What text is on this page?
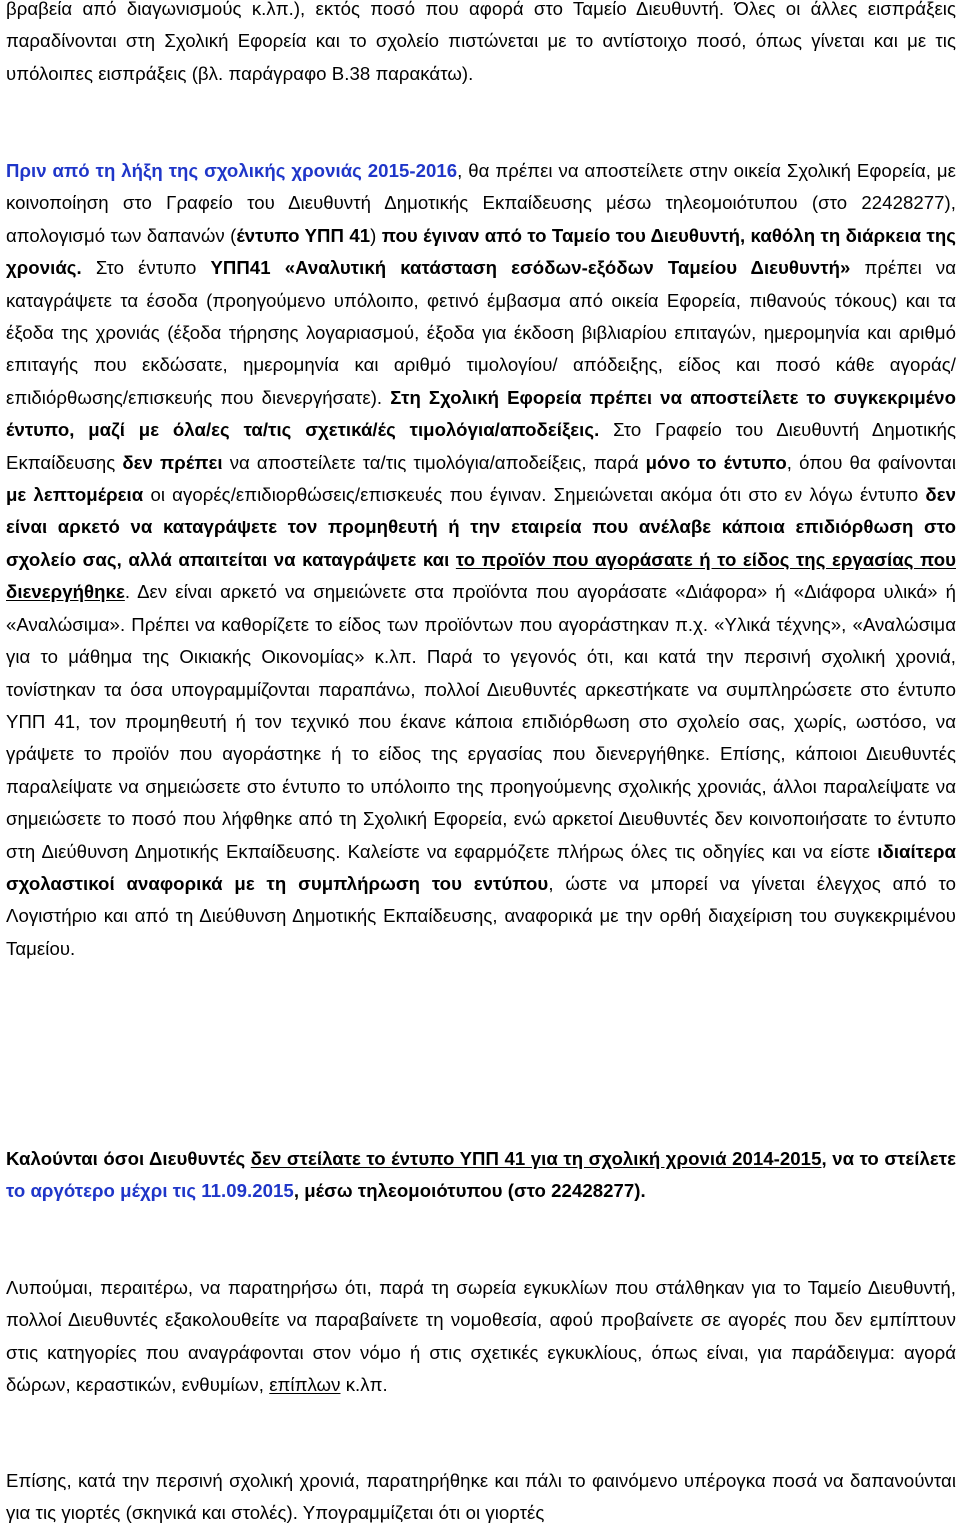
βραβεία από διαγωνισμούς κ.λπ.), εκτός ποσό που αφορά στο Ταμείο Διευθυντή. Όλες οι άλλες εισπράξεις παραδίνονται στη Σχολική Εφορεία και το σχολείο πιστώνεται με το αντίστοιχο ποσό, όπως γίνεται και με τις υπόλοιπες εισπράξεις (βλ. παράγραφο Β.38 παρακάτω).

Πριν από τη λήξη της σχολικής χρονιάς 2015-2016, θα πρέπει να αποστείλετε στην οικεία Σχολική Εφορεία, με κοινοποίηση στο Γραφείο του Διευθυντή Δημοτικής Εκπαίδευσης μέσω τηλεομοιότυπου (στο 22428277), απολογισμό των δαπανών (έντυπο ΥΠΠ 41) που έγιναν από το Ταμείο του Διευθυντή, καθόλη τη διάρκεια της χρονιάς. Στο έντυπο ΥΠΠ41 «Αναλυτική κατάσταση εσόδων-εξόδων Ταμείου Διευθυντή» πρέπει να καταγράψετε τα έσοδα (προηγούμενο υπόλοιπο, φετινό έμβασμα από οικεία Εφορεία, πιθανούς τόκους) και τα έξοδα της χρονιάς (έξοδα τήρησης λογαριασμού, έξοδα για έκδοση βιβλιαρίου επιταγών, ημερομηνία και αριθμό επιταγής που εκδώσατε, ημερομηνία και αριθμό τιμολογίου/ απόδειξης, είδος και ποσό κάθε αγοράς/επιδιόρθωσης/επισκευής που διενεργήσατε). Στη Σχολική Εφορεία πρέπει να αποστείλετε το συγκεκριμένο έντυπο, μαζί με όλα/ες τα/τις σχετικά/ές τιμολόγια/αποδείξεις. Στο Γραφείο του Διευθυντή Δημοτικής Εκπαίδευσης δεν πρέπει να αποστείλετε τα/τις τιμολόγια/αποδείξεις, παρά μόνο το έντυπο, όπου θα φαίνονται με λεπτομέρεια οι αγορές/επιδιορθώσεις/επισκευές που έγιναν. Σημειώνεται ακόμα ότι στο εν λόγω έντυπο δεν είναι αρκετό να καταγράψετε τον προμηθευτή ή την εταιρεία που ανέλαβε κάποια επιδιόρθωση στο σχολείο σας, αλλά απαιτείται να καταγράψετε και το προϊόν που αγοράσατε ή το είδος της εργασίας που διενεργήθηκε. Δεν είναι αρκετό να σημειώνετε στα προϊόντα που αγοράσατε «Διάφορα» ή «Διάφορα υλικά» ή «Αναλώσιμα». Πρέπει να καθορίζετε το είδος των προϊόντων που αγοράστηκαν π.χ. «Υλικά τέχνης», «Αναλώσιμα για το μάθημα της Οικιακής Οικονομίας» κ.λπ. Παρά το γεγονός ότι, και κατά την περσινή σχολική χρονιά, τονίστηκαν τα όσα υπογραμμίζονται παραπάνω, πολλοί Διευθυντές αρκεστήκατε να συμπληρώσετε στο έντυπο ΥΠΠ 41, τον προμηθευτή ή τον τεχνικό που έκανε κάποια επιδιόρθωση στο σχολείο σας, χωρίς, ωστόσο, να γράψετε το προϊόν που αγοράστηκε ή το είδος της εργασίας που διενεργήθηκε. Επίσης, κάποιοι Διευθυντές παραλείψατε να σημειώσετε στο έντυπο το υπόλοιπο της προηγούμενης σχολικής χρονιάς, άλλοι παραλείψατε να σημειώσετε το ποσό που λήφθηκε από τη Σχολική Εφορεία, ενώ αρκετοί Διευθυντές δεν κοινοποιήσατε το έντυπο στη Διεύθυνση Δημοτικής Εκπαίδευσης. Καλείστε να εφαρμόζετε πλήρως όλες τις οδηγίες και να είστε ιδιαίτερα σχολαστικοί αναφορικά με τη συμπλήρωση του εντύπου, ώστε να μπορεί να γίνεται έλεγχος από το Λογιστήριο και από τη Διεύθυνση Δημοτικής Εκπαίδευσης, αναφορικά με την ορθή διαχείριση του συγκεκριμένου Ταμείου.

Καλούνται όσοι Διευθυντές δεν στείλατε το έντυπο ΥΠΠ 41 για τη σχολική χρονιά 2014-2015, να το στείλετε το αργότερο μέχρι τις 11.09.2015, μέσω τηλεομοιότυπου (στο 22428277).

Λυπούμαι, περαιτέρω, να παρατηρήσω ότι, παρά τη σωρεία εγκυκλίων που στάλθηκαν για το Ταμείο Διευθυντή, πολλοί Διευθυντές εξακολουθείτε να παραβαίνετε τη νομοθεσία, αφού προβαίνετε σε αγορές που δεν εμπίπτουν στις κατηγορίες που αναγράφονται στον νόμο ή στις σχετικές εγκυκλίους, όπως είναι, για παράδειγμα: αγορά δώρων, κεραστικών, ενθυμίων, επίπλων κ.λπ.

Επίσης, κατά την περσινή σχολική χρονιά, παρατηρήθηκε και πάλι το φαινόμενο υπέρογκα ποσά να δαπανούνται για τις γιορτές (σκηνικά και στολές). Υπογραμμίζεται ότι οι γιορτές
